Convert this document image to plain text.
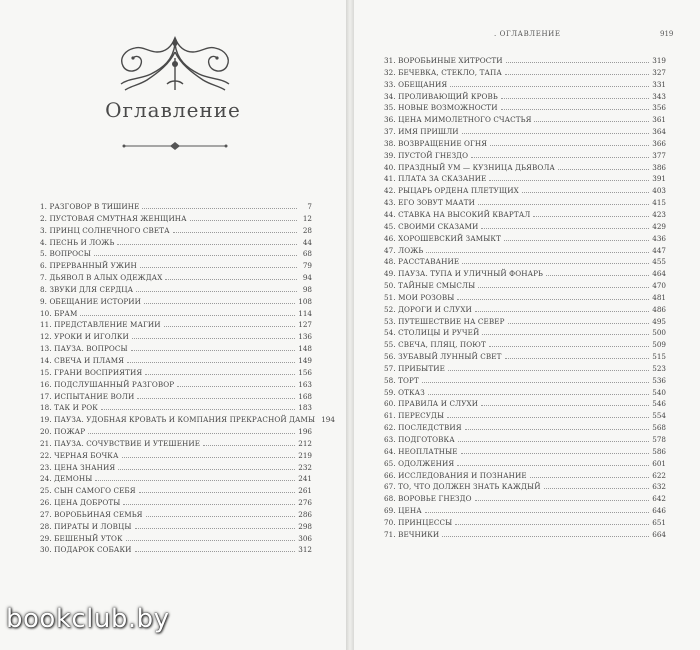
Оглавление
1. РАЗГОВОР В ТИШИНЕ	7
2. ПУСТОВАЯ СМУТНАЯ ЖЕНЩИНА	12
3. ПРИНЦ СОЛНЕЧНОГО СВЕТА	28
4. ПЕСНЬ И ЛОЖЬ	44
5. ВОПРОСЫ	68
6. ПРЕРВАННЫЙ УЖИН	79
7. ДЬЯВОЛ В АЛЫХ ОДЕЖДАХ	94
8. ЗВУКИ ДЛЯ СЕРДЦА	98
9. ОБЕЩАНИЕ ИСТОРИИ	108
10. БРАМ	114
11. ПРЕДСТАВЛЕНИЕ МАГИИ	127
12. УРОКИ И ИГОЛКИ	136
13. ПАУЗА. ВОПРОСЫ	148
14. СВЕЧА И ПЛАМЯ	149
15. ГРАНИ ВОСПРИЯТИЯ	156
16. ПОДСЛУШАННЫЙ РАЗГОВОР	163
17. ИСПЫТАНИЕ ВОЛИ	168
18. ТАК И РОК	183
19. ПАУЗА. УДОБНАЯ КРОВАТЬ И КОМПАНИЯ ПРЕКРАСНОЙ ДАМЫ 194
20. ПОЖАР	196
21. ПАУЗА. СОЧУВСТВИЕ И УТЕШЕНИЕ	212
22. ЧЕРНАЯ БОЧКА	219
23. ЦЕНА ЗНАНИЯ	232
24. ДЕМОНЫ	241
25. СЫН САМОГО СЕБЯ	261
26. ЦЕНА ДОБРОТЫ	276
27. ВОРОБЬИНАЯ СЕМЬЯ	286
28. ПИРАТЫ И ЛОВЦЫ	298
29. БЕШЕНЫЙ УТОК	306
30. ПОДАРОК СОБАКИ	312
. ОГЛАВЛЕНИЕ	919
31. ВОРОБЬИНЫЕ ХИТРОСТИ	319
32. БЕЧЕВКА, СТЕКЛО, ТАПА	327
33. ОБЕЩАНИЯ	331
34. ПРОЛИВАЮЩИЙ КРОВЬ	343
35. НОВЫЕ ВОЗМОЖНОСТИ	356
36. ЦЕНА МИМОЛЕТНОГО СЧАСТЬЯ	361
37. ИМЯ ПРИШЛИ	364
38. ВОЗВРАЩЕНИЕ ОГНЯ	366
39. ПУСТОЙ ГНЕЗДО	377
40. ПРАЗДНЫЙ УМ — КУЗНИЦА ДЬЯВОЛА	386
41. ПЛАТА ЗА СКАЗАНИЕ	391
42. РЫЦАРЬ ОРДЕНА ПЛЕТУЩИХ	403
43. ЕГО ЗОВУТ МААТИ	415
44. СТАВКА НА ВЫСОКИЙ КВАРТАЛ	423
45. СВОИМИ СКАЗАМИ	429
46. ХОРОШЕВСКИЙ ЗАМЫКТ	436
47. ЛОЖЬ	447
48. РАССТАВАНИЕ	455
49. ПАУЗА. ТУПА И УЛИЧНЫЙ ФОНАРЬ	464
50. ТАЙНЫЕ СМЫСЛЫ	470
51. МОИ РОЗОВЫ	481
52. ДОРОГИ И СЛУХИ	486
53. ПУТЕШЕСТВИЕ НА СЕВЕР	495
54. СТОЛИЦЫ И РУЧЕЙ	500
55. СВЕЧА, ПЛЯЦ, ПОЮТ	509
56. ЗУБАВЫЙ ЛУННЫЙ СВЕТ	515
57. ПРИБЫТИЕ	523
58. ТОРТ	536
59. ОТКАЗ	540
60. ПРАВИЛА И СЛУХИ	546
61. ПЕРЕСУДЫ	554
62. ПОСЛЕДСТВИЯ	568
63. ПОДГОТОВКА	578
64. НЕОПЛАТНЫЕ	586
65. ОДОЛЖЕНИЯ	601
66. ИССЛЕДОВАНИЯ И ПОЗНАНИЕ	622
67. ТО, ЧТО ДОЛЖЕН ЗНАТЬ КАЖДЫЙ	632
68. ВОРОВЬЕ ГНЕЗДО	642
69. ЦЕНА	646
70. ПРИНЦЕССЫ	651
71. ВЕЧНИКИ	664
bookclub.by
